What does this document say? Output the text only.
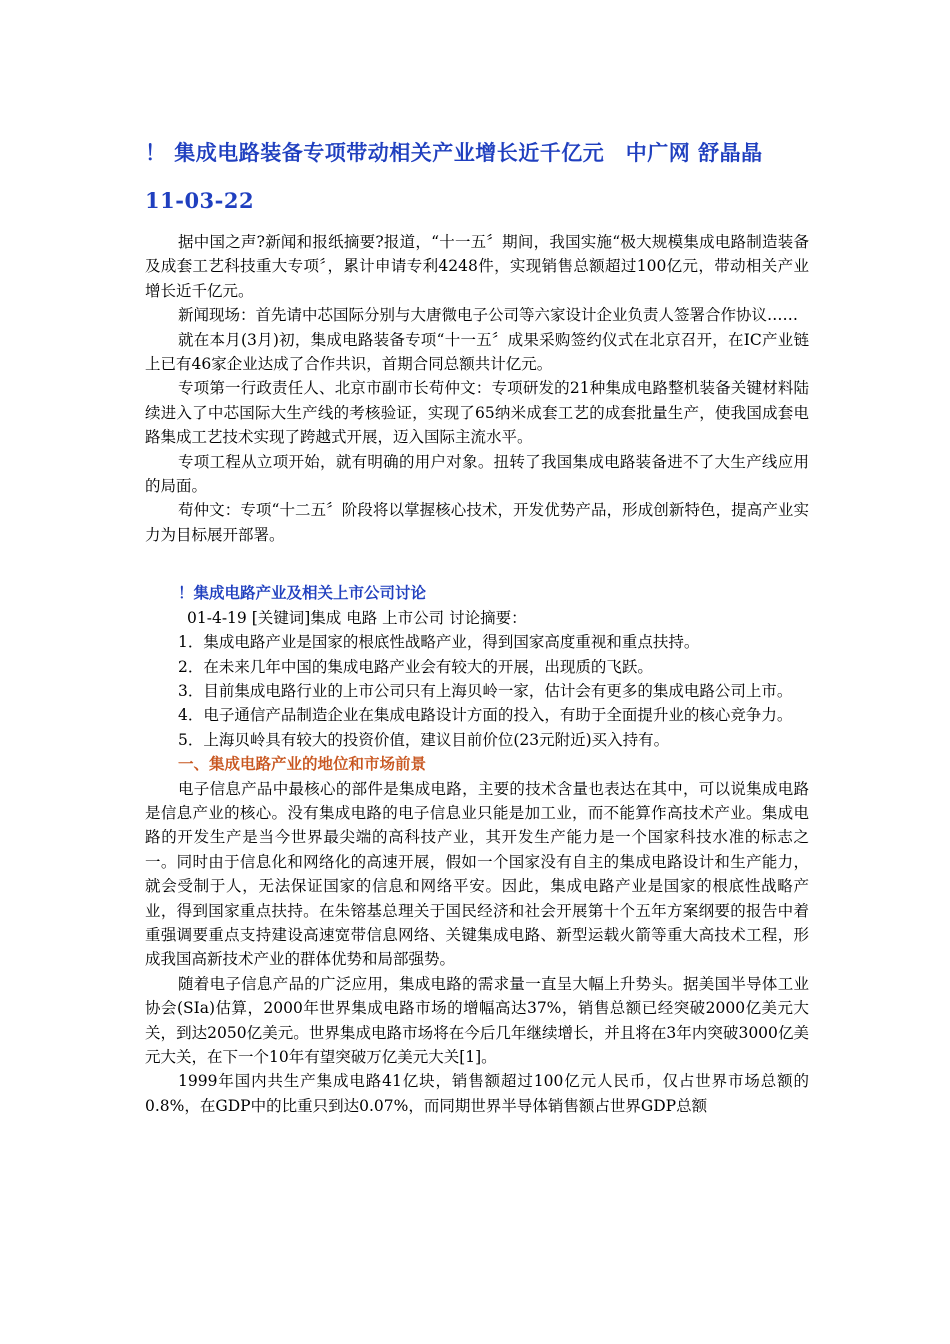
！ 集成电路装备专项带动相关产业增长近千亿元　中广网 舒晶晶

11-03-22

据中国之声?新闻和报纸摘要?报道，“十一五〞期间，我国实施“极大规模集成电路制造装备及成套工艺科技重大专项〞，累计申请专利4248件，实现销售总额超过100亿元，带动相关产业增长近千亿元。

新闻现场：首先请中芯国际分别与大唐微电子公司等六家设计企业负责人签署合作协议……

就在本月(3月)初，集成电路装备专项“十一五〞成果采购签约仪式在北京召开，在IC产业链上已有46家企业达成了合作共识，首期合同总额共计亿元。

专项第一行政责任人、北京市副市长苟仲文：专项研发的21种集成电路整机装备关键材料陆续进入了中芯国际大生产线的考核验证，实现了65纳米成套工艺的成套批量生产，使我国成套电路集成工艺技术实现了跨越式开展，迈入国际主流水平。

专项工程从立项开始，就有明确的用户对象。扭转了我国集成电路装备进不了大生产线应用的局面。

苟仲文：专项“十二五〞阶段将以掌握核心技术，开发优势产品，形成创新特色，提高产业实力为目标展开部署。

！集成电路产业及相关上市公司讨论

01-4-19 [关键词]集成 电路 上市公司 讨论摘要：

1．集成电路产业是国家的根底性战略产业，得到国家高度重视和重点扶持。

2．在未来几年中国的集成电路产业会有较大的开展，出现质的飞跃。

3．目前集成电路行业的上市公司只有上海贝岭一家，估计会有更多的集成电路公司上市。

4．电子通信产品制造企业在集成电路设计方面的投入，有助于全面提升业的核心竞争力。

5．上海贝岭具有较大的投资价值，建议目前价位(23元附近)买入持有。

一、集成电路产业的地位和市场前景

电子信息产品中最核心的部件是集成电路，主要的技术含量也表达在其中，可以说集成电路是信息产业的核心。没有集成电路的电子信息业只能是加工业，而不能算作高技术产业。集成电路的开发生产是当今世界最尖端的高科技产业，其开发生产能力是一个国家科技水准的标志之一。同时由于信息化和网络化的高速开展，假如一个国家没有自主的集成电路设计和生产能力，就会受制于人，无法保证国家的信息和网络平安。因此，集成电路产业是国家的根底性战略产业，得到国家重点扶持。在朱镕基总理关于国民经济和社会开展第十个五年方案纲要的报告中着重强调要重点支持建设高速宽带信息网络、关键集成电路、新型运载火箭等重大高技术工程，形成我国高新技术产业的群体优势和局部强势。

随着电子信息产品的广泛应用，集成电路的需求量一直呈大幅上升势头。据美国半导体工业协会(SIa)估算，2000年世界集成电路市场的增幅高达37%，销售总额已经突破2000亿美元大关，到达2050亿美元。世界集成电路市场将在今后几年继续增长，并且将在3年内突破3000亿美元大关，在下一个10年有望突破万亿美元大关[1]。

1999年国内共生产集成电路41亿块，销售额超过100亿元人民币，仅占世界市场总额的0.8%，在GDP中的比重只到达0.07%，而同期世界半导体销售额占世界GDP总额
